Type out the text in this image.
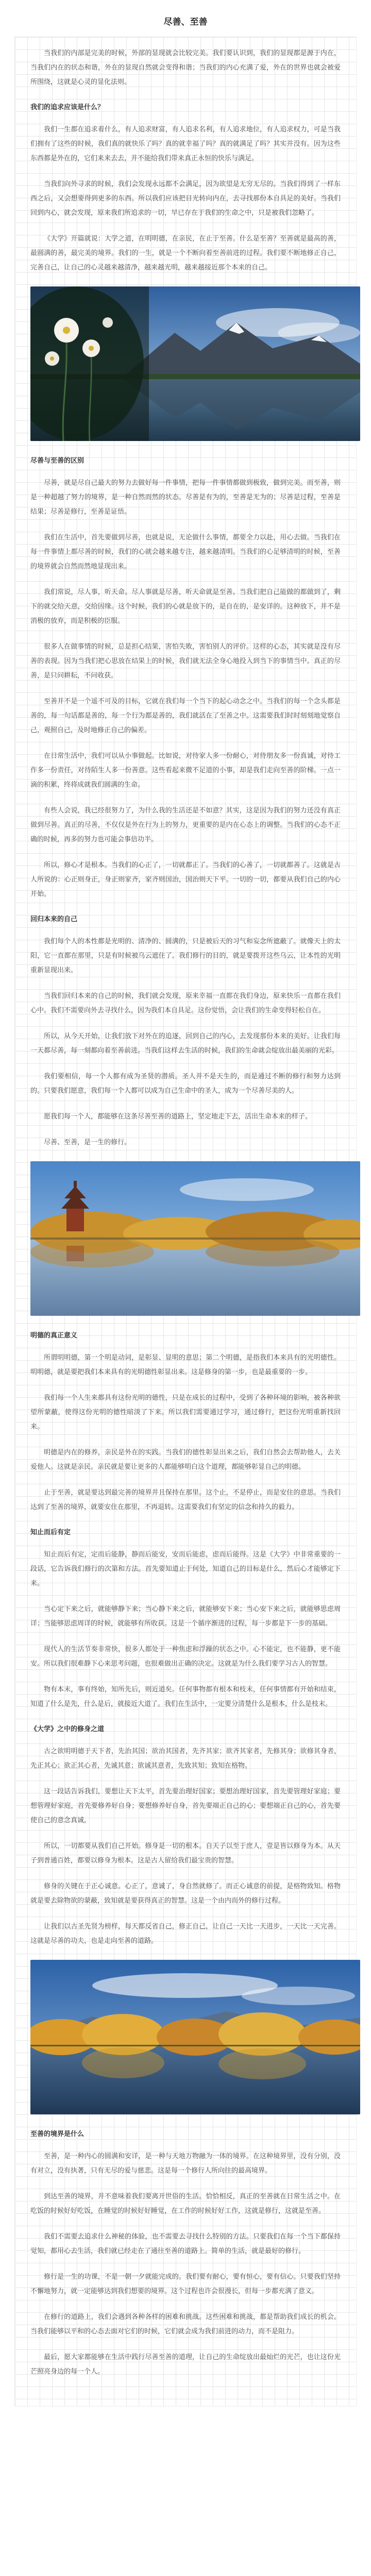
尽善、至善

当我们的内部是完美的时候，外部的显现就会比较完美。我们要认识到，我们的显现都是源于内在，当我们内在的状态和谐，外在的显现自然就会变得和谐；当我们的内心充满了爱，外在的世界也就会被爱所围绕，这就是心灵的显化法则。

我们的追求应该是什么？

我们一生都在追求着什么，有人追求财富，有人追求名利，有人追求地位，有人追求权力，可是当我们拥有了这些的时候，我们真的就快乐了吗？真的就幸福了吗？真的就满足了吗？其实并没有。因为这些东西都是外在的，它们来来去去，并不能给我们带来真正永恒的快乐与满足。

当我们向外寻求的时候，我们会发现永远都不会满足，因为欲望是无穷无尽的。当我们得到了一样东西之后，又会想要得到更多的东西。所以我们应该把目光转向内在，去寻找那份本自具足的美好。当我们回到内心，就会发现，原来我们所追求的一切，早已存在于我们的生命之中，只是被我们忽略了。

《大学》开篇就说：大学之道，在明明德，在亲民，在止于至善。什么是至善？至善就是最高的善，最圆满的善，最完美的境界。我们的一生，就是一个不断向着至善前进的过程。我们要不断地修正自己，完善自己，让自己的心灵越来越清净，越来越光明，越来越接近那个本来的自己。

尽善与至善的区别

尽善，就是尽自己最大的努力去做好每一件事情，把每一件事情都做到极致，做到完美。而至善，则是一种超越了努力的境界，是一种自然而然的状态。尽善是有为的，至善是无为的；尽善是过程，至善是结果；尽善是修行，至善是证悟。

我们在生活中，首先要做到尽善，也就是说，无论做什么事情，都要全力以赴，用心去做。当我们在每一件事情上都尽善的时候，我们的心就会越来越专注，越来越清明。当我们的心足够清明的时候，至善的境界就会自然而然地显现出来。

我们常说，尽人事，听天命。尽人事就是尽善，听天命就是至善。当我们把自己能做的都做到了，剩下的就交给天意，交给因缘。这个时候，我们的心就是放下的，是自在的，是安详的。这种放下，并不是消极的放弃，而是积极的臣服。

很多人在做事情的时候，总是担心结果，害怕失败，害怕别人的评价。这样的心态，其实就是没有尽善的表现。因为当我们把心思放在结果上的时候，我们就无法全身心地投入到当下的事情当中。真正的尽善，是只问耕耘，不问收获。

至善并不是一个遥不可及的目标，它就在我们每一个当下的起心动念之中。当我们的每一个念头都是善的，每一句话都是善的，每一个行为都是善的，我们就活在了至善之中。这需要我们时时刻刻地觉察自己，观照自己，及时地修正自己的偏差。

在日常生活中，我们可以从小事做起。比如说，对待家人多一份耐心，对待朋友多一份真诚，对待工作多一份责任，对待陌生人多一份善意。这些看起来微不足道的小事，却是我们走向至善的阶梯。一点一滴的积累，终将成就我们圆满的生命。

有些人会说，我已经很努力了，为什么我的生活还是不如意？其实，这是因为我们的努力还没有真正做到尽善。真正的尽善，不仅仅是外在行为上的努力，更重要的是内在心态上的调整。当我们的心态不正确的时候，再多的努力也可能会事倍功半。

所以，修心才是根本。当我们的心正了，一切就都正了。当我们的心善了，一切就都善了。这就是古人所说的：心正则身正，身正则家齐，家齐则国治，国治则天下平。一切的一切，都要从我们自己的内心开始。

回归本来的自己

我们每个人的本性都是光明的、清净的、圆满的，只是被后天的习气和妄念所遮蔽了。就像天上的太阳，它一直都在那里，只是有时候被乌云遮住了。我们修行的目的，就是要拨开这些乌云，让本性的光明重新显现出来。

当我们回归本来的自己的时候，我们就会发现，原来幸福一直都在我们身边，原来快乐一直都在我们心中。我们不需要向外去寻找什么，因为我们本自具足。这份觉悟，会让我们的生命变得轻松自在。

所以，从今天开始，让我们放下对外在的追逐，回到自己的内心，去发现那份本来的美好。让我们每一天都尽善，每一刻都向着至善前进。当我们这样去生活的时候，我们的生命就会绽放出最美丽的光彩。

我们要相信，每一个人都有成为圣贤的潜质。圣人并不是天生的，而是通过不断的修行和努力达到的。只要我们愿意，我们每一个人都可以成为自己生命中的圣人，成为一个尽善尽美的人。

愿我们每一个人，都能够在这条尽善至善的道路上，坚定地走下去，活出生命本来的样子。

尽善、至善，是一生的修行。

明德的真正意义

所谓明明德，第一个明是动词，是彰显、显明的意思；第二个明德，是指我们本来具有的光明德性。明明德，就是要把我们本来具有的光明德性彰显出来。这是修身的第一步，也是最重要的一步。

我们每一个人生来都具有这份光明的德性，只是在成长的过程中，受到了各种环境的影响，被各种欲望所蒙蔽，使得这份光明的德性暗淡了下来。所以我们需要通过学习，通过修行，把这份光明重新找回来。

明德是内在的修养，亲民是外在的实践。当我们的德性彰显出来之后，我们自然会去帮助他人，去关爱他人。这就是亲民。亲民就是要让更多的人都能够明白这个道理，都能够彰显自己的明德。

止于至善，就是要达到最完善的境界并且保持在那里。这个止，不是停止，而是安住的意思。当我们达到了至善的境界，就要安住在那里，不再退转。这需要我们有坚定的信念和持久的毅力。

知止而后有定

知止而后有定，定而后能静，静而后能安，安而后能虑，虑而后能得。这是《大学》中非常重要的一段话，它告诉我们修行的次第和方法。首先要知道止于何处，知道自己的目标是什么，然后心才能够定下来。

当心定下来之后，就能够静下来；当心静下来之后，就能够安下来；当心安下来之后，就能够思虑周详；当能够思虑周详的时候，就能够有所收获。这是一个循序渐进的过程，每一步都是下一步的基础。

现代人的生活节奏非常快，很多人都处于一种焦虑和浮躁的状态之中。心不能定，也不能静，更不能安。所以我们很难静下心来思考问题，也很难做出正确的决定。这就是为什么我们要学习古人的智慧。

物有本末，事有终始，知所先后，则近道矣。任何事物都有根本和枝末，任何事情都有开始和结束，知道了什么是先，什么是后，就接近大道了。我们在生活中，一定要分清楚什么是根本，什么是枝末。

《大学》之中的修身之道

古之欲明明德于天下者，先治其国；欲治其国者，先齐其家；欲齐其家者，先修其身；欲修其身者，先正其心；欲正其心者，先诚其意；欲诚其意者，先致其知；致知在格物。

这一段话告诉我们，要想让天下太平，首先要治理好国家；要想治理好国家，首先要管理好家庭；要想管理好家庭，首先要修养好自身；要想修养好自身，首先要端正自己的心；要想端正自己的心，首先要使自己的意念真诚。

所以，一切都要从我们自己开始。修身是一切的根本。自天子以至于庶人，壹是皆以修身为本。从天子到普通百姓，都要以修身为根本。这是古人留给我们最宝贵的智慧。

修身的关键在于正心诚意。心正了，意诚了，身自然就修了。而正心诚意的前提，是格物致知。格物就是要去除物欲的蒙蔽，致知就是要获得真正的智慧。这是一个由内而外的修行过程。

让我们以古圣先贤为榜样，每天都反省自己，修正自己，让自己一天比一天进步，一天比一天完善。这就是尽善的功夫，也是走向至善的道路。

至善的境界是什么

至善，是一种内心的圆满和安详，是一种与天地万物融为一体的境界。在这种境界里，没有分别，没有对立，没有执著，只有无尽的爱与慈悲。这是每一个修行人所向往的最高境界。

到达至善的境界，并不意味着我们要离开世俗的生活。恰恰相反，真正的至善就在日常生活之中。在吃饭的时候好好吃饭，在睡觉的时候好好睡觉，在工作的时候好好工作，这就是修行，这就是至善。

我们不需要去追求什么神秘的体验，也不需要去寻找什么特别的方法。只要我们在每一个当下都保持觉知，都用心去生活，我们就已经走在了通往至善的道路上。简单的生活，就是最好的修行。

修行是一生的功课，不是一朝一夕就能完成的。我们要有耐心，要有恒心，要有信心。只要我们坚持不懈地努力，就一定能够达到我们想要的境界。这个过程也许会很漫长，但每一步都充满了意义。

在修行的道路上，我们会遇到各种各样的困难和挑战。这些困难和挑战，都是帮助我们成长的机会。当我们能够以平和的心态去面对它们的时候，它们就会成为我们前进的动力，而不是阻力。

最后，愿大家都能够在生活中践行尽善至善的道理，让自己的生命绽放出最灿烂的光芒，也让这份光芒照亮身边的每一个人。
